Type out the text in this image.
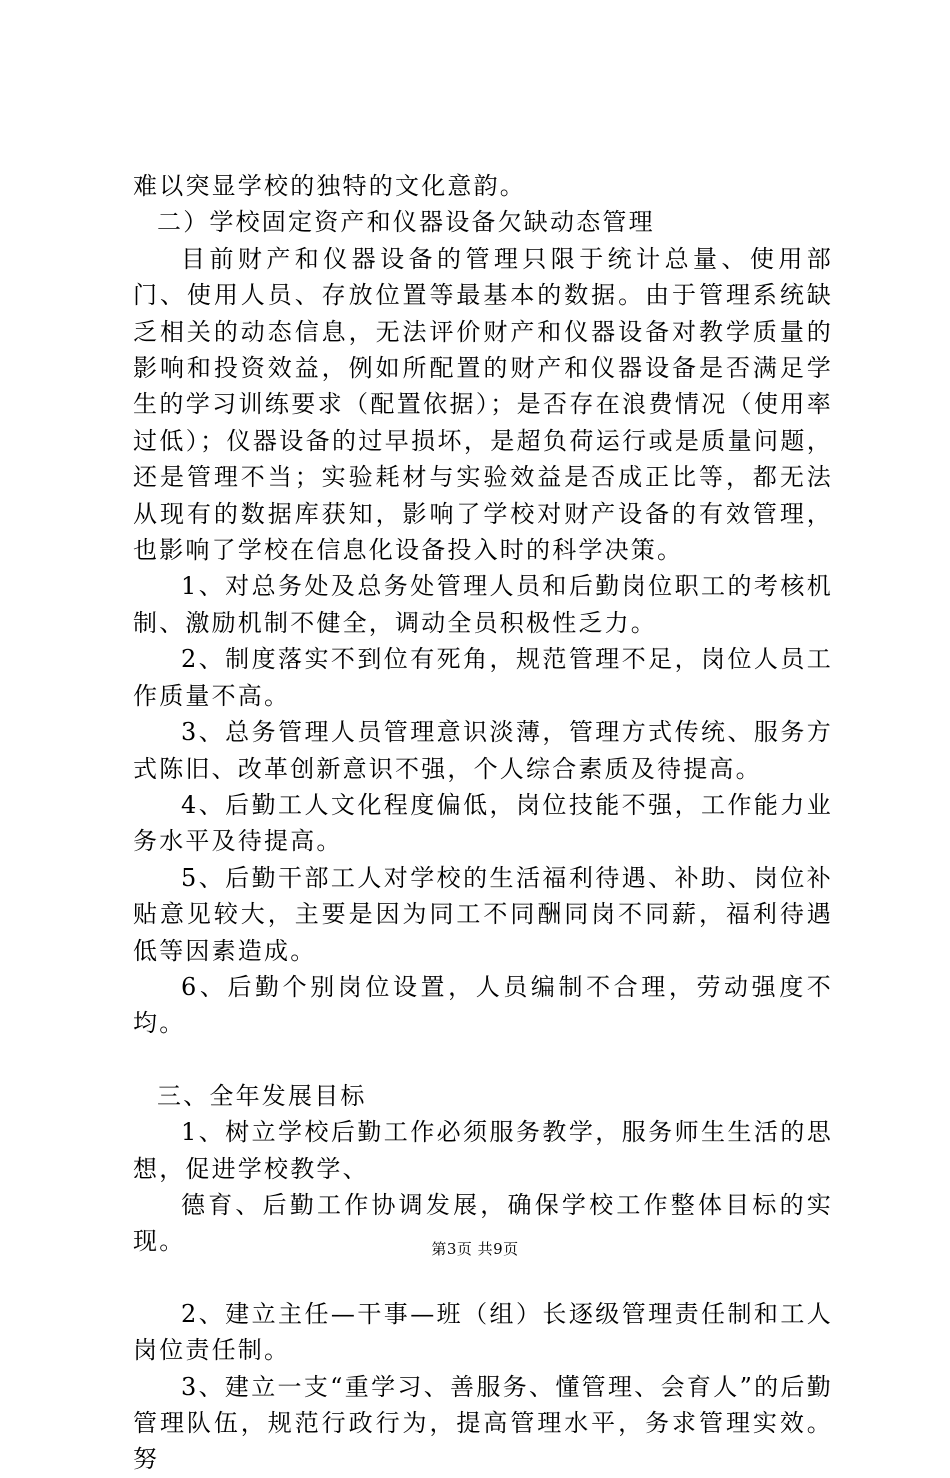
难以突显学校的独特的文化意韵。

二）学校固定资产和仪器设备欠缺动态管理

目前财产和仪器设备的管理只限于统计总量、使用部门、使用人员、存放位置等最基本的数据。由于管理系统缺乏相关的动态信息，无法评价财产和仪器设备对教学质量的影响和投资效益，例如所配置的财产和仪器设备是否满足学生的学习训练要求（配置依据）；是否存在浪费情况（使用率过低）；仪器设备的过早损坏，是超负荷运行或是质量问题，还是管理不当；实验耗材与实验效益是否成正比等，都无法从现有的数据库获知，影响了学校对财产设备的有效管理，也影响了学校在信息化设备投入时的科学决策。

1、对总务处及总务处管理人员和后勤岗位职工的考核机制、激励机制不健全，调动全员积极性乏力。

2、制度落实不到位有死角，规范管理不足，岗位人员工作质量不高。

3、总务管理人员管理意识淡薄，管理方式传统、服务方式陈旧、改革创新意识不强，个人综合素质及待提高。

4、后勤工人文化程度偏低，岗位技能不强，工作能力业务水平及待提高。

5、后勤干部工人对学校的生活福利待遇、补助、岗位补贴意见较大，主要是因为同工不同酬同岗不同薪，福利待遇低等因素造成。

6、后勤个别岗位设置，人员编制不合理，劳动强度不均。

三、全年发展目标

1、树立学校后勤工作必须服务教学，服务师生生活的思想，促进学校教学、

德育、后勤工作协调发展，确保学校工作整体目标的实现。

2、建立主任—干事—班（组）长逐级管理责任制和工人岗位责任制。

3、建立一支“重学习、善服务、懂管理、会育人”的后勤管理队伍，规范行政行为，提高管理水平，务求管理实效。努

第3页 共9页
